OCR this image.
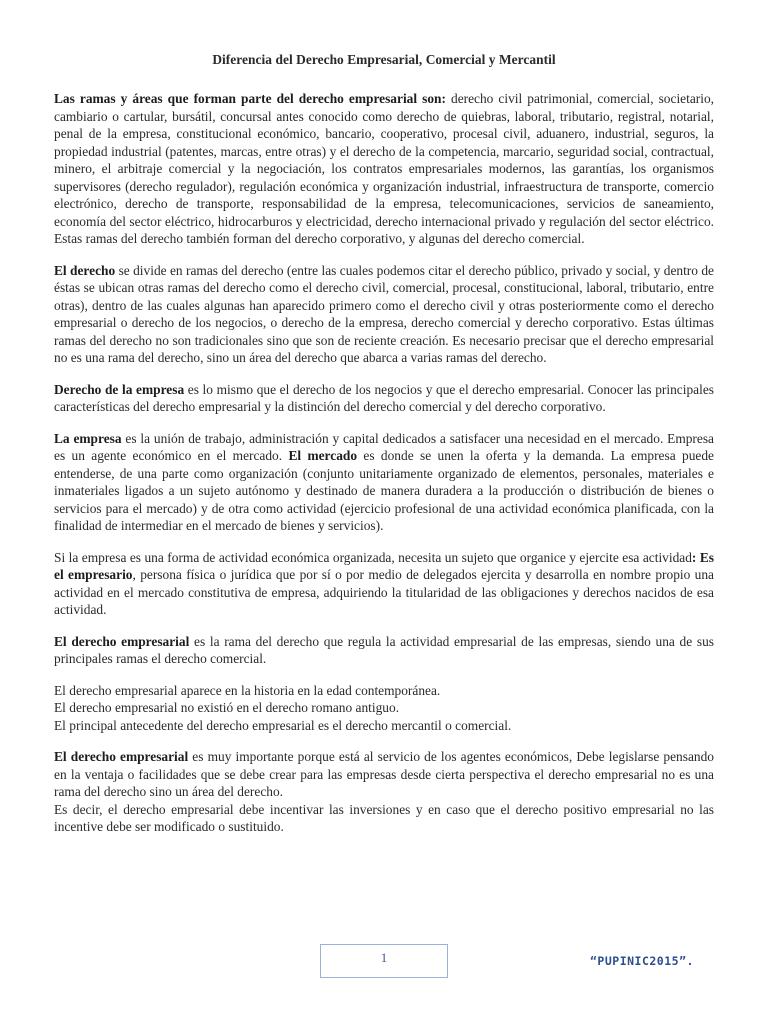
Diferencia del Derecho Empresarial, Comercial y Mercantil

Las ramas y áreas que forman parte del derecho empresarial son: derecho civil patrimonial, comercial, societario, cambiario o cartular, bursátil, concursal antes conocido como derecho de quiebras, laboral, tributario, registral, notarial, penal de la empresa, constitucional económico, bancario, cooperativo, procesal civil, aduanero, industrial, seguros, la propiedad industrial (patentes, marcas, entre otras) y el derecho de la competencia, marcario, seguridad social, contractual, minero, el arbitraje comercial y la negociación, los contratos empresariales modernos, las garantías, los organismos supervisores (derecho regulador), regulación económica y organización industrial, infraestructura de transporte, comercio electrónico, derecho de transporte, responsabilidad de la empresa, telecomunicaciones, servicios de saneamiento, economía del sector eléctrico, hidrocarburos y electricidad, derecho internacional privado y regulación del sector eléctrico. Estas ramas del derecho también forman del derecho corporativo, y algunas del derecho comercial.

El derecho se divide en ramas del derecho (entre las cuales podemos citar el derecho público, privado y social, y dentro de éstas se ubican otras ramas del derecho como el derecho civil, comercial, procesal, constitucional, laboral, tributario, entre otras), dentro de las cuales algunas han aparecido primero como el derecho civil y otras posteriormente como el derecho empresarial o derecho de los negocios, o derecho de la empresa, derecho comercial y derecho corporativo. Estas últimas ramas del derecho no son tradicionales sino que son de reciente creación. Es necesario precisar que el derecho empresarial no es una rama del derecho, sino un área del derecho que abarca a varias ramas del derecho.

Derecho de la empresa es lo mismo que el derecho de los negocios y que el derecho empresarial. Conocer las principales características del derecho empresarial y la distinción del derecho comercial y del derecho corporativo.

La empresa es la unión de trabajo, administración y capital dedicados a satisfacer una necesidad en el mercado. Empresa es un agente económico en el mercado. El mercado es donde se unen la oferta y la demanda. La empresa puede entenderse, de una parte como organización (conjunto unitariamente organizado de elementos, personales, materiales e inmateriales ligados a un sujeto autónomo y destinado de manera duradera a la producción o distribución de bienes o servicios para el mercado) y de otra como actividad (ejercicio profesional de una actividad económica planificada, con la finalidad de intermediar en el mercado de bienes y servicios).

Si la empresa es una forma de actividad económica organizada, necesita un sujeto que organice y ejercite esa actividad: Es el empresario, persona física o jurídica que por sí o por medio de delegados ejercita y desarrolla en nombre propio una actividad en el mercado constitutiva de empresa, adquiriendo la titularidad de las obligaciones y derechos nacidos de esa actividad.

El derecho empresarial es la rama del derecho que regula la actividad empresarial de las empresas, siendo una de sus principales ramas el derecho comercial.

El derecho empresarial aparece en la historia en la edad contemporánea.
El derecho empresarial no existió en el derecho romano antiguo.
El principal antecedente del derecho empresarial es el derecho mercantil o comercial.

El derecho empresarial es muy importante porque está al servicio de los agentes económicos, Debe legislarse pensando en la ventaja o facilidades que se debe crear para las empresas desde cierta perspectiva el derecho empresarial no es una rama del derecho sino un área del derecho.

Es decir, el derecho empresarial debe incentivar las inversiones y en caso que el derecho positivo empresarial no las incentive debe ser modificado o sustituido.

1	“PUPINIC2015”.
